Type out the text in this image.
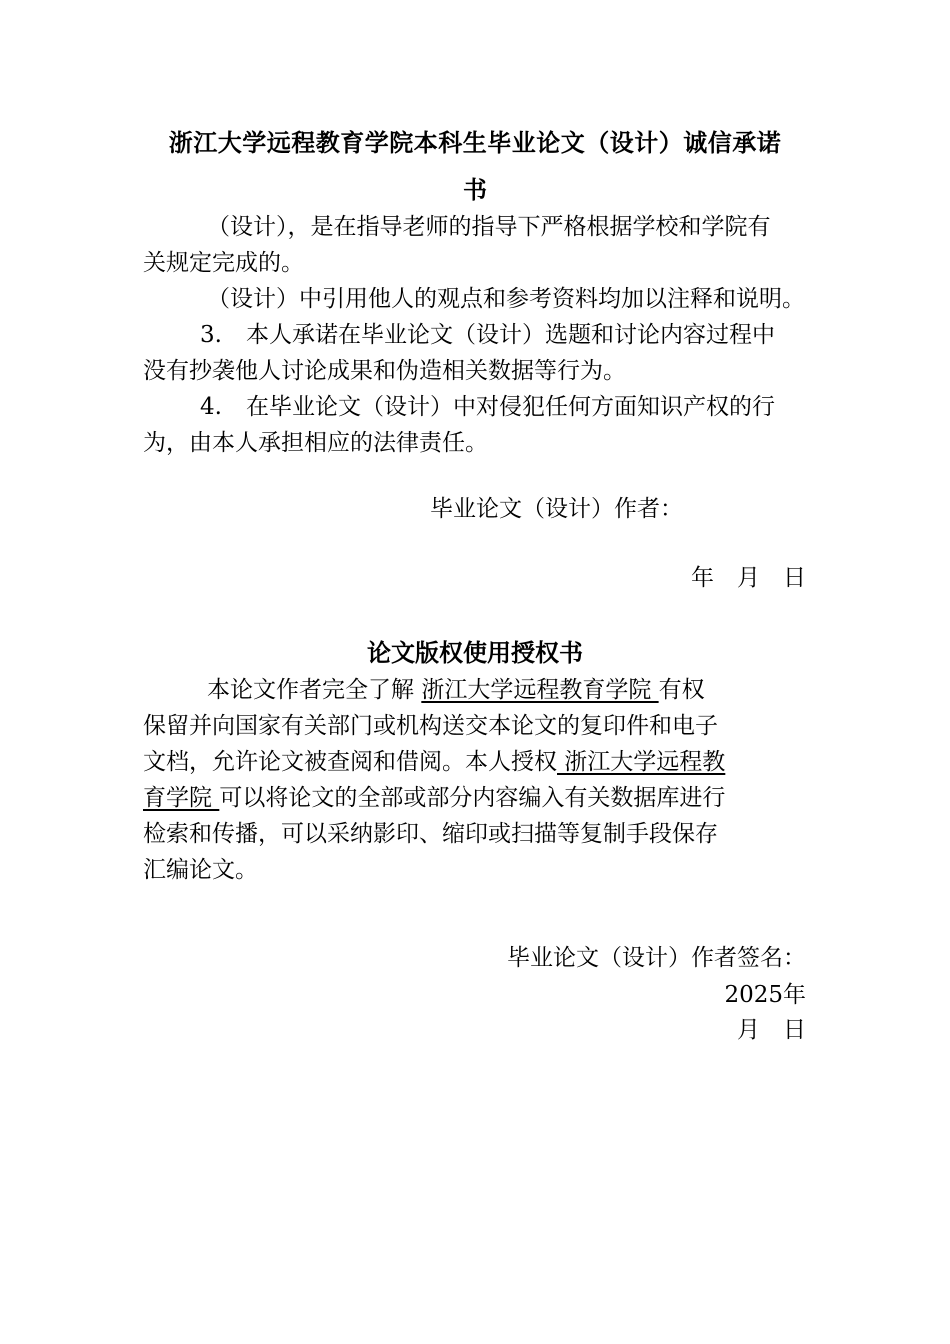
浙江大学远程教育学院本科生毕业论文（设计）诚信承诺
书
（设计），是在指导老师的指导下严格根据学校和学院有
关规定完成的。
（设计）中引用他人的观点和参考资料均加以注释和说明。
3. 本人承诺在毕业论文（设计）选题和讨论内容过程中
没有抄袭他人讨论成果和伪造相关数据等行为。
4. 在毕业论文（设计）中对侵犯任何方面知识产权的行
为，由本人承担相应的法律责任。
毕业论文（设计）作者：
年　月　日
论文版权使用授权书
本论文作者完全了解 浙江大学远程教育学院 有权
保留并向国家有关部门或机构送交本论文的复印件和电子
文档，允许论文被查阅和借阅。本人授权 浙江大学远程教
育学院 可以将论文的全部或部分内容编入有关数据库进行
检索和传播，可以采纳影印、缩印或扫描等复制手段保存
汇编论文。
毕业论文（设计）作者签名：
2025年
月　日
